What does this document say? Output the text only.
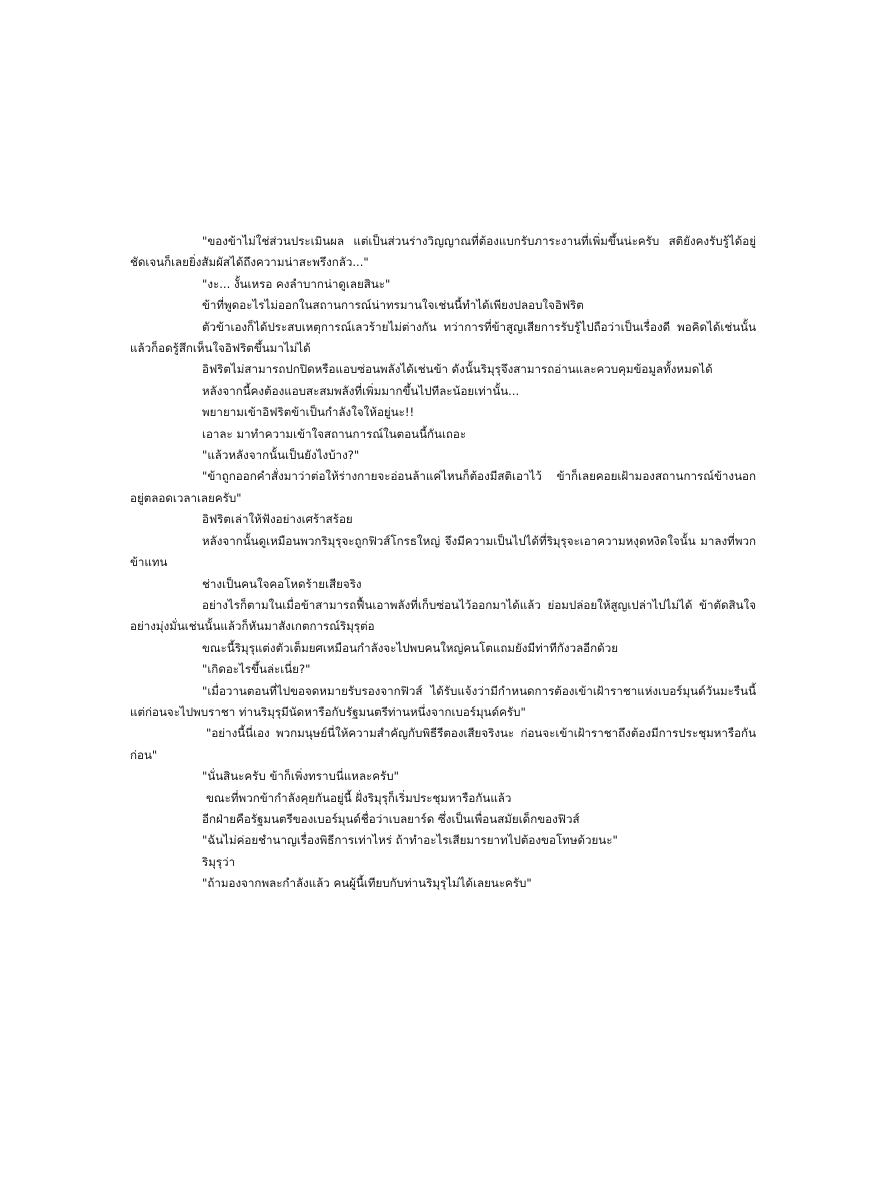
"ของข้าไม่ใช่ส่วนประเมินผล แต่เป็นส่วนร่างวิญญาณที่ต้องแบกรับภาระงานที่เพิ่มขึ้นน่ะครับ สติยังคงรับรู้ได้อยู่ชัดเจนก็เลยยิ่งสัมผัสได้ถึงความน่าสะพรึงกลัว..."

"งะ... งั้นเหรอ คงลำบากน่าดูเลยสินะ"

ข้าที่พูดอะไรไม่ออกในสถานการณ์น่าทรมานใจเช่นนี้ทำได้เพียงปลอบใจอิฟริต

ตัวข้าเองก็ได้ประสบเหตุการณ์เลวร้ายไม่ต่างกัน ทว่าการที่ข้าสูญเสียการรับรู้ไปถือว่าเป็นเรื่องดี พอคิดได้เช่นนั้นแล้วก็อดรู้สึกเห็นใจอิฟริตขึ้นมาไม่ได้

อิฟริตไม่สามารถปกปิดหรือแอบซ่อนพลังได้เช่นข้า ดังนั้นริมุรุจึงสามารถอ่านและควบคุมข้อมูลทั้งหมดได้

หลังจากนี้คงต้องแอบสะสมพลังที่เพิ่มมากขึ้นไปทีละน้อยเท่านั้น...

พยายามเข้าอิฟริตข้าเป็นกำลังใจให้อยู่นะ!!

เอาละ มาทำความเข้าใจสถานการณ์ในตอนนี้กันเถอะ

"แล้วหลังจากนั้นเป็นยังไงบ้าง?"

"ข้าถูกออกคำสั่งมาว่าต่อให้ร่างกายจะอ่อนล้าแค่ไหนก็ต้องมีสติเอาไว้ ข้าก็เลยคอยเฝ้ามองสถานการณ์ข้างนอกอยู่ตลอดเวลาเลยครับ"

อิฟริตเล่าให้ฟังอย่างเศร้าสร้อย

หลังจากนั้นดูเหมือนพวกริมุรุจะถูกฟิวส์โกรธใหญ่ จึงมีความเป็นไปได้ที่ริมุรุจะเอาความหงุดหงิดใจนั้น มาลงที่พวกข้าแทน

ช่างเป็นคนใจคอโหดร้ายเสียจริง

อย่างไรก็ตามในเมื่อข้าสามารถฟื้นเอาพลังที่เก็บซ่อนไว้ออกมาได้แล้ว ย่อมปล่อยให้สูญเปล่าไปไม่ได้ ข้าตัดสินใจอย่างมุ่งมั่นเช่นนั้นแล้วก็หันมาสังเกตการณ์ริมุรุต่อ

ขณะนี้ริมุรุแต่งตัวเต็มยศเหมือนกำลังจะไปพบคนใหญ่คนโตแถมยังมีท่าทีกังวลอีกด้วย

"เกิดอะไรขึ้นล่ะเนี่ย?"

"เมื่อวานตอนที่ไปขอจดหมายรับรองจากฟิวส์ ได้รับแจ้งว่ามีกำหนดการต้องเข้าเฝ้าราชาแห่งเบอร์มุนด์วันมะรืนนี้ แต่ก่อนจะไปพบราชา ท่านริมุรุมีนัดหารือกับรัฐมนตรีท่านหนึ่งจากเบอร์มุนด์ครับ"

"อย่างนี้นี่เอง พวกมนุษย์นี่ให้ความสำคัญกับพิธีรีตองเสียจริงนะ ก่อนจะเข้าเฝ้าราชาถึงต้องมีการประชุมหารือกันก่อน"

"นั่นสินะครับ ข้าก็เพิ่งทราบนี่แหละครับ"

ขณะที่พวกข้ากำลังคุยกันอยู่นี้ ฝั่งริมุรุก็เริ่มประชุมหารือกันแล้ว

อีกฝ่ายคือรัฐมนตรีของเบอร์มุนด์ชื่อว่าเบลยาร์ด ซึ่งเป็นเพื่อนสมัยเด็กของฟิวส์

"ฉันไม่ค่อยชำนาญเรื่องพิธีการเท่าไหร่ ถ้าทำอะไรเสียมารยาทไปต้องขอโทษด้วยนะ"

ริมุรุว่า

"ถ้ามองจากพละกำลังแล้ว คนผู้นี้เทียบกับท่านริมุรุไม่ได้เลยนะครับ"
